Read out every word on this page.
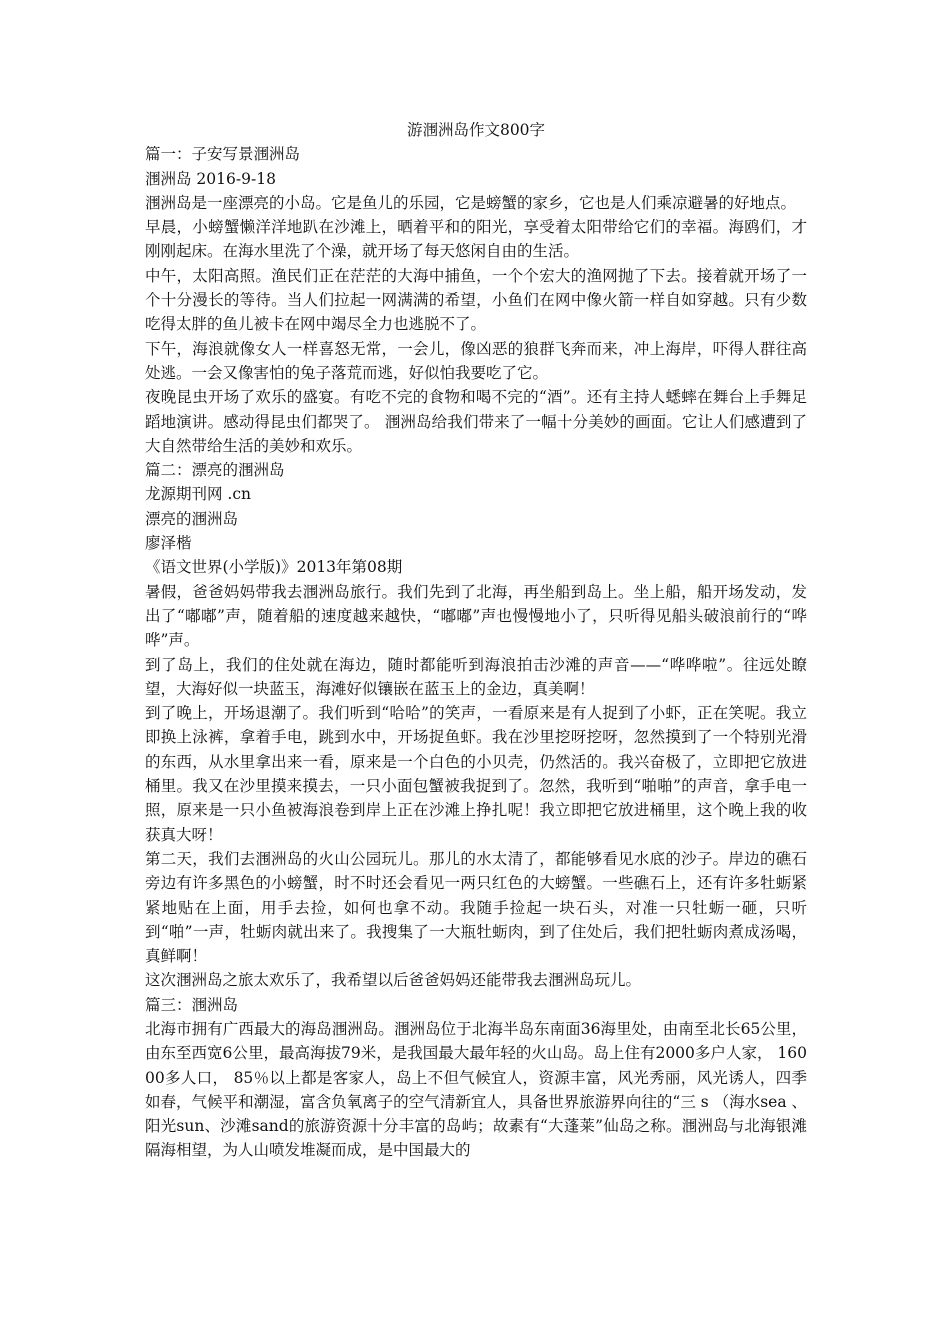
游涠洲岛作文800字

篇一：子安写景涠洲岛

涠洲岛 2016-9-18

涠洲岛是一座漂亮的小岛。它是鱼儿的乐园，它是螃蟹的家乡，它也是人们乘凉避暑的好地点。

早晨，小螃蟹懒洋洋地趴在沙滩上，晒着平和的阳光，享受着太阳带给它们的幸福。海鸥们，才刚刚起床。在海水里洗了个澡，就开场了每天悠闲自由的生活。

中午，太阳高照。渔民们正在茫茫的大海中捕鱼，一个个宏大的渔网抛了下去。接着就开场了一个十分漫长的等待。当人们拉起一网满满的希望，小鱼们在网中像火箭一样自如穿越。只有少数吃得太胖的鱼儿被卡在网中竭尽全力也逃脱不了。

下午，海浪就像女人一样喜怒无常，一会儿，像凶恶的狼群飞奔而来，冲上海岸，吓得人群往高处逃。一会又像害怕的兔子落荒而逃，好似怕我要吃了它。

夜晚昆虫开场了欢乐的盛宴。有吃不完的食物和喝不完的“酒”。还有主持人蟋蟀在舞台上手舞足蹈地演讲。感动得昆虫们都哭了。 涠洲岛给我们带来了一幅十分美妙的画面。它让人们感遭到了大自然带给生活的美妙和欢乐。

篇二：漂亮的涠洲岛

龙源期刊网 .cn

漂亮的涠洲岛

廖泽楷

《语文世界(小学版)》2013年第08期

暑假，爸爸妈妈带我去涠洲岛旅行。我们先到了北海，再坐船到岛上。坐上船，船开场发动，发出了“嘟嘟”声，随着船的速度越来越快，“嘟嘟”声也慢慢地小了，只听得见船头破浪前行的“哗哗”声。

到了岛上，我们的住处就在海边，随时都能听到海浪拍击沙滩的声音——“哗哗啦”。往远处瞭望，大海好似一块蓝玉，海滩好似镶嵌在蓝玉上的金边，真美啊！

到了晚上，开场退潮了。我们听到“哈哈”的笑声，一看原来是有人捉到了小虾，正在笑呢。我立即换上泳裤，拿着手电，跳到水中，开场捉鱼虾。我在沙里挖呀挖呀，忽然摸到了一个特别光滑的东西，从水里拿出来一看，原来是一个白色的小贝壳，仍然活的。我兴奋极了，立即把它放进桶里。我又在沙里摸来摸去，一只小面包蟹被我捉到了。忽然，我听到“啪啪”的声音，拿手电一照，原来是一只小鱼被海浪卷到岸上正在沙滩上挣扎呢！我立即把它放进桶里，这个晚上我的收获真大呀！

第二天，我们去涠洲岛的火山公园玩儿。那儿的水太清了，都能够看见水底的沙子。岸边的礁石旁边有许多黑色的小螃蟹，时不时还会看见一两只红色的大螃蟹。一些礁石上，还有许多牡蛎紧紧地贴在上面，用手去捡，如何也拿不动。我随手捡起一块石头，对准一只牡蛎一砸，只听到“啪”一声，牡蛎肉就出来了。我搜集了一大瓶牡蛎肉，到了住处后，我们把牡蛎肉煮成汤喝，真鲜啊！

这次涠洲岛之旅太欢乐了，我希望以后爸爸妈妈还能带我去涠洲岛玩儿。

篇三：涠洲岛

北海市拥有广西最大的海岛涠洲岛。涠洲岛位于北海半岛东南面36海里处，由南至北长65公里，由东至西宽6公里，最高海拔79米，是我国最大最年轻的火山岛。岛上住有2000多户人家， 16000多人口， 85％以上都是客家人，岛上不但气候宜人，资源丰富，风光秀丽，风光诱人，四季如春，气候平和潮湿，富含负氧离子的空气清新宜人，具备世界旅游界向往的“三 s （海水sea 、阳光sun、沙滩sand的旅游资源十分丰富的岛屿；故素有“大蓬莱”仙岛之称。涠洲岛与北海银滩隔海相望，为人山喷发堆凝而成，是中国最大的
